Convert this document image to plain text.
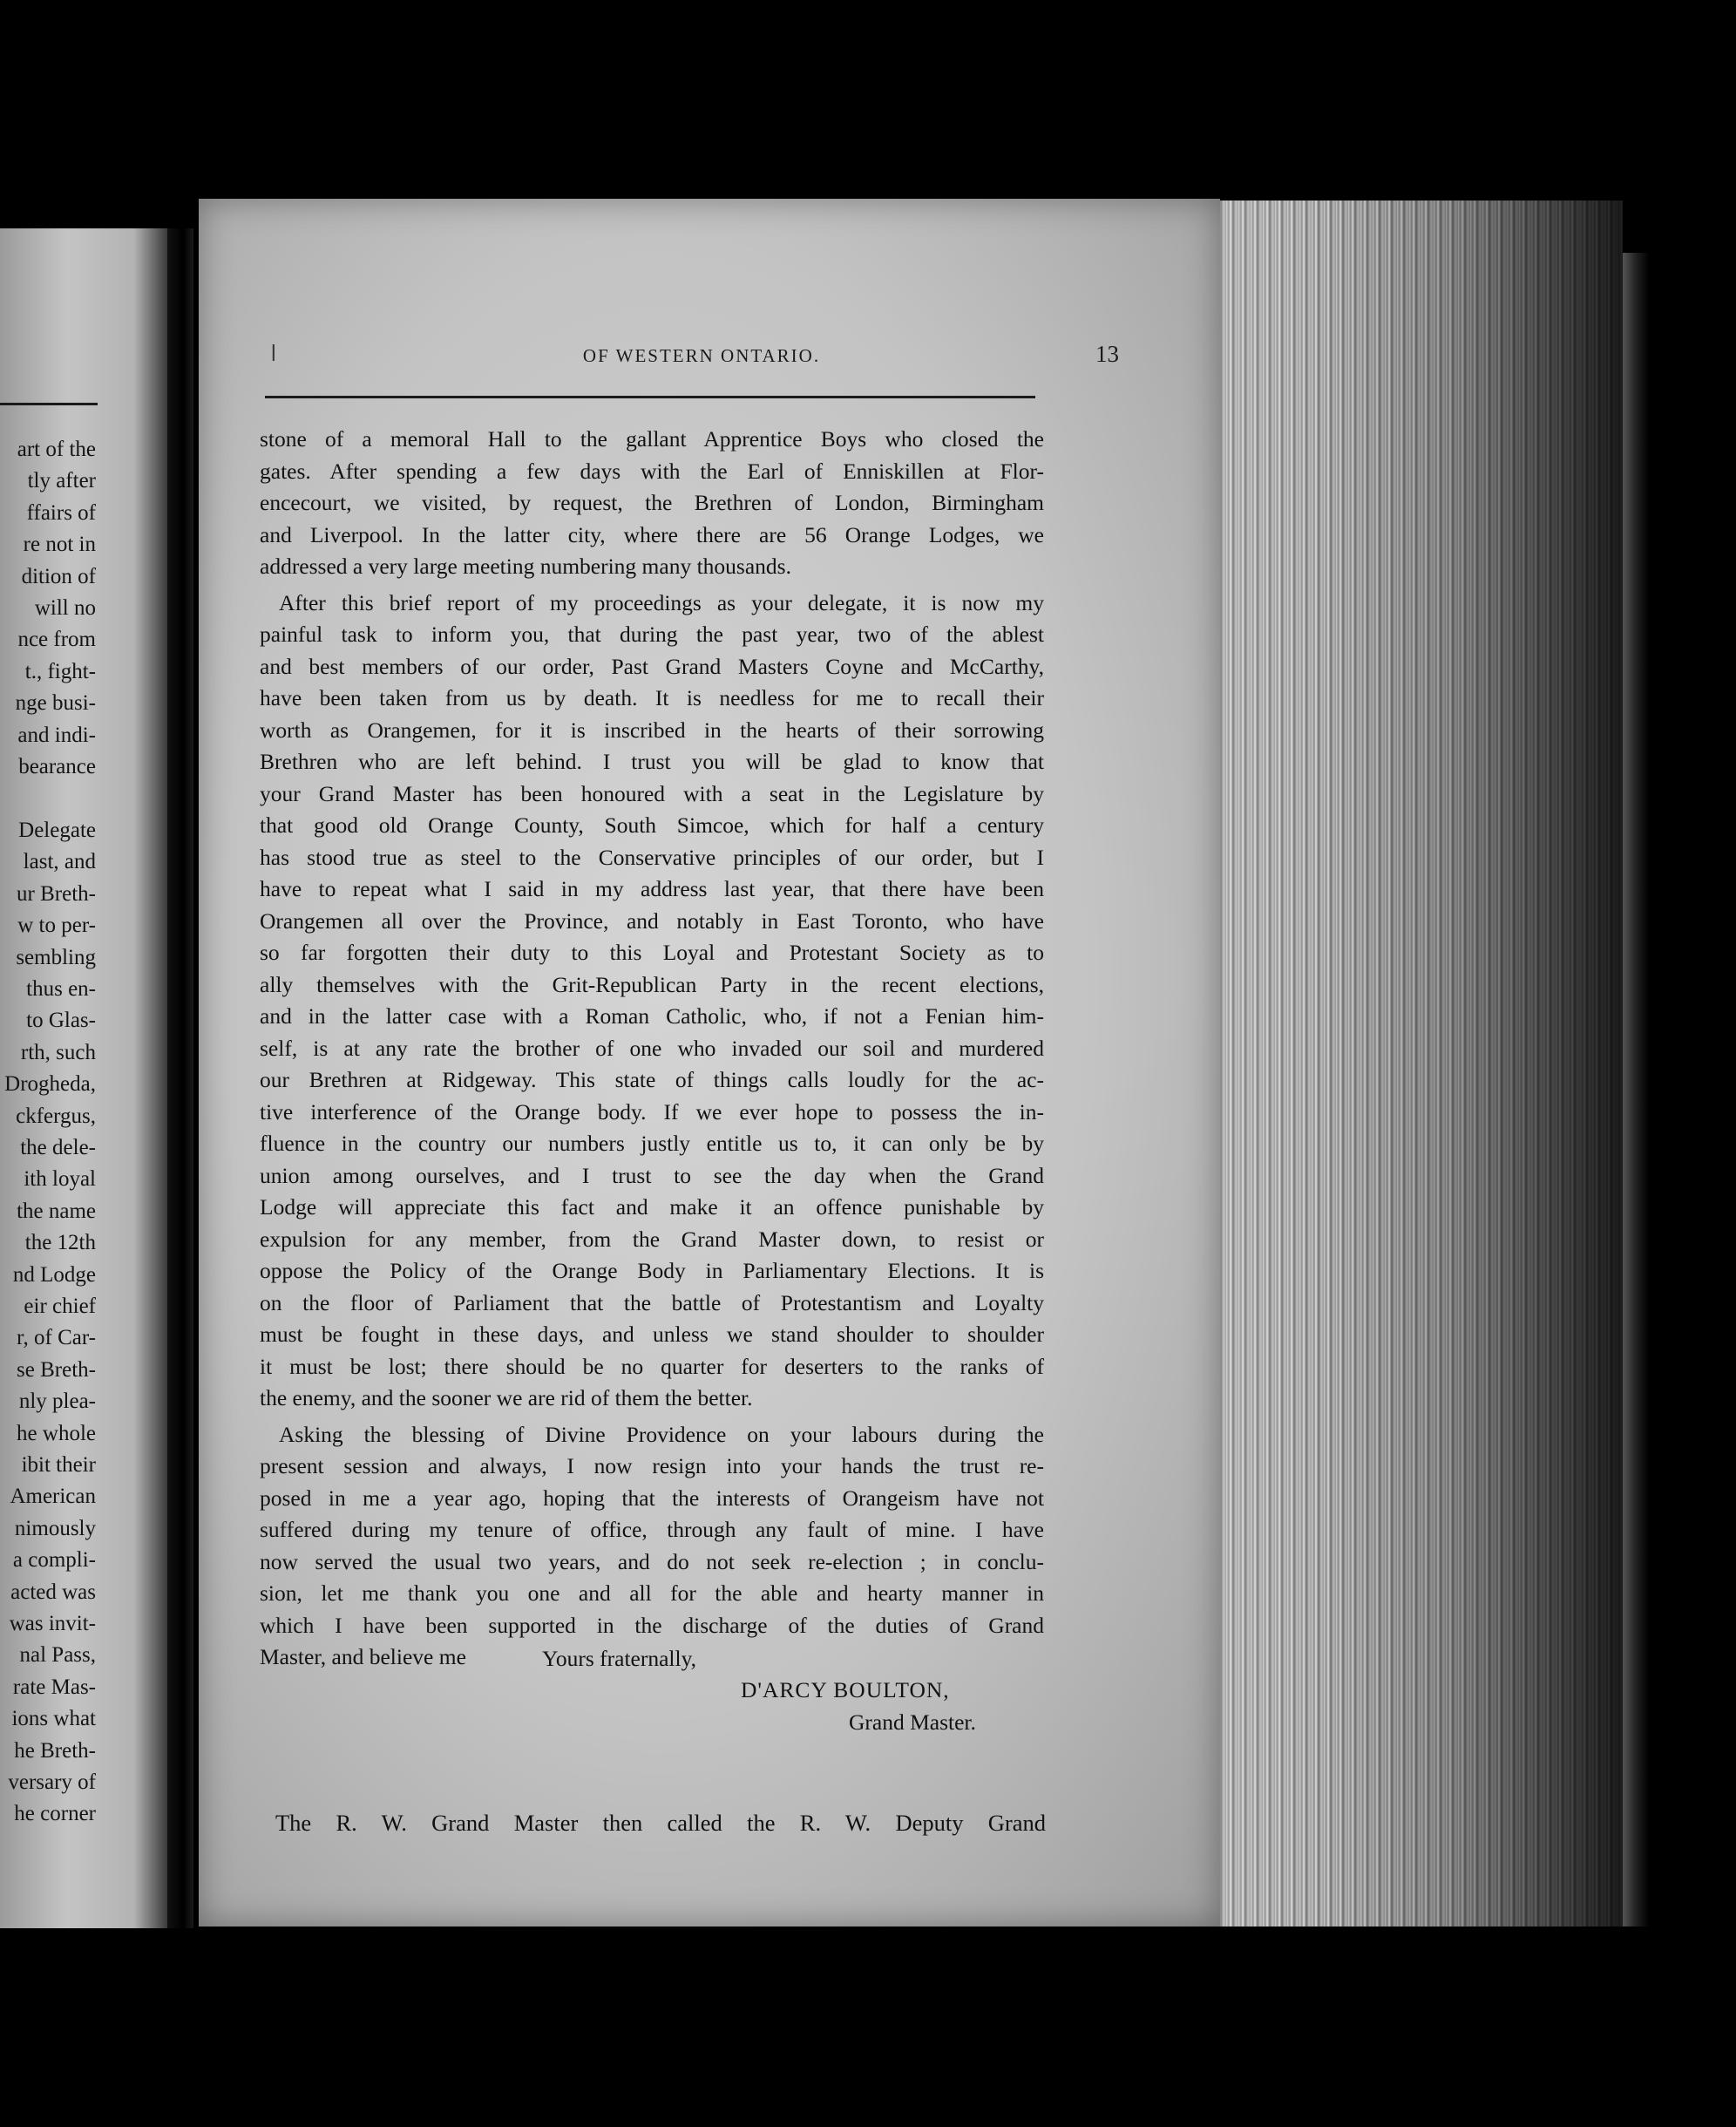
art of the
tly after
ffairs of
re not in
dition of
will no
nce from
t., fight-
nge busi-
and indi-
bearance

Delegate
last, and
ur Breth-
w to per-
sembling
thus en-
to Glas-
rth, such
Drogheda,
ckfergus,
the dele-
ith loyal
the name
the 12th
nd Lodge
eir chief
r, of Car-
se Breth-
nly plea-
he whole
ibit their
American
nimously
a compli-
acted was
was invit-
nal Pass,
rate Mas-
ions what
he Breth-
versary of
he corner
ǀ	OF WESTERN ONTARIO.	13
stone of a memoral Hall to the gallant Apprentice Boys who closed the
gates. After spending a few days with the Earl of Enniskillen at Flor-
encecourt, we visited, by request, the Brethren of London, Birmingham
and Liverpool. In the latter city, where there are 56 Orange Lodges, we
addressed a very large meeting numbering many thousands.
After this brief report of my proceedings as your delegate, it is now my
painful task to inform you, that during the past year, two of the ablest
and best members of our order, Past Grand Masters Coyne and McCarthy,
have been taken from us by death. It is needless for me to recall their
worth as Orangemen, for it is inscribed in the hearts of their sorrowing
Brethren who are left behind. I trust you will be glad to know that
your Grand Master has been honoured with a seat in the Legislature by
that good old Orange County, South Simcoe, which for half a century
has stood true as steel to the Conservative principles of our order, but I
have to repeat what I said in my address last year, that there have been
Orangemen all over the Province, and notably in East Toronto, who have
so far forgotten their duty to this Loyal and Protestant Society as to
ally themselves with the Grit-Republican Party in the recent elections,
and in the latter case with a Roman Catholic, who, if not a Fenian him-
self, is at any rate the brother of one who invaded our soil and murdered
our Brethren at Ridgeway. This state of things calls loudly for the ac-
tive interference of the Orange body. If we ever hope to possess the in-
fluence in the country our numbers justly entitle us to, it can only be by
union among ourselves, and I trust to see the day when the Grand
Lodge will appreciate this fact and make it an offence punishable by
expulsion for any member, from the Grand Master down, to resist or
oppose the Policy of the Orange Body in Parliamentary Elections. It is
on the floor of Parliament that the battle of Protestantism and Loyalty
must be fought in these days, and unless we stand shoulder to shoulder
it must be lost; there should be no quarter for deserters to the ranks of
the enemy, and the sooner we are rid of them the better.
Asking the blessing of Divine Providence on your labours during the
present session and always, I now resign into your hands the trust re-
posed in me a year ago, hoping that the interests of Orangeism have not
suffered during my tenure of office, through any fault of mine. I have
now served the usual two years, and do not seek re-election ; in conclu-
sion, let me thank you one and all for the able and hearty manner in
which I have been supported in the discharge of the duties of Grand
Master, and believe me	Yours fraternally,
D'ARCY BOULTON,
Grand Master.
The R. W. Grand Master then called the R. W. Deputy Grand
